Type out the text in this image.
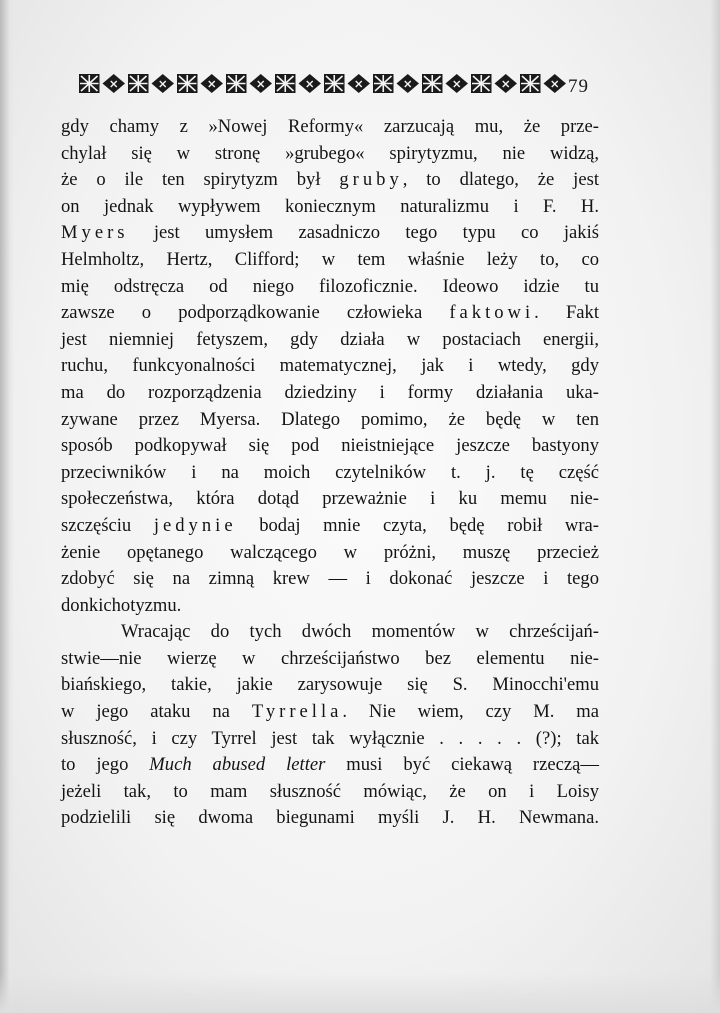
79
gdy chamy z »Nowej Reformy« zarzucają mu, że prze-
chylał się w stronę »grubego« spirytyzmu, nie widzą,
że o ile ten spirytyzm był gruby, to dlatego, że jest
on jednak wypływem koniecznym naturalizmu i F. H.
Myers jest umysłem zasadniczo tego typu co jakiś
Helmholtz, Hertz, Clifford; w tem właśnie leży to, co
mię odstręcza od niego filozoficznie. Ideowo idzie tu
zawsze o podporządkowanie człowieka faktowi. Fakt
jest niemniej fetyszem, gdy działa w postaciach energii,
ruchu, funkcyonalności matematycznej, jak i wtedy, gdy
ma do rozporządzenia dziedziny i formy działania uka-
zywane przez Myersa. Dlatego pomimo, że będę w ten
sposób podkopywał się pod nieistniejące jeszcze bastyony
przeciwników i na moich czytelników t. j. tę część
społeczeństwa, która dotąd przeważnie i ku memu nie-
szczęściu jedynie bodaj mnie czyta, będę robił wra-
żenie opętanego walczącego w próżni, muszę przecież
zdobyć się na zimną krew — i dokonać jeszcze i tego
donkichotyzmu.
Wracając do tych dwóch momentów w chrześcijań-
stwie—nie wierzę w chrześcijaństwo bez elementu nie-
biańskiego, takie, jakie zarysowuje się S. Minocchi'emu
w jego ataku na Tyrrella. Nie wiem, czy M. ma
słuszność, i czy Tyrrel jest tak wyłącznie . . . . . (?); tak
to jego Much abused letter musi być ciekawą rzeczą—
jeżeli tak, to mam słuszność mówiąc, że on i Loisy
podzielili się dwoma biegunami myśli J. H. Newmana.
